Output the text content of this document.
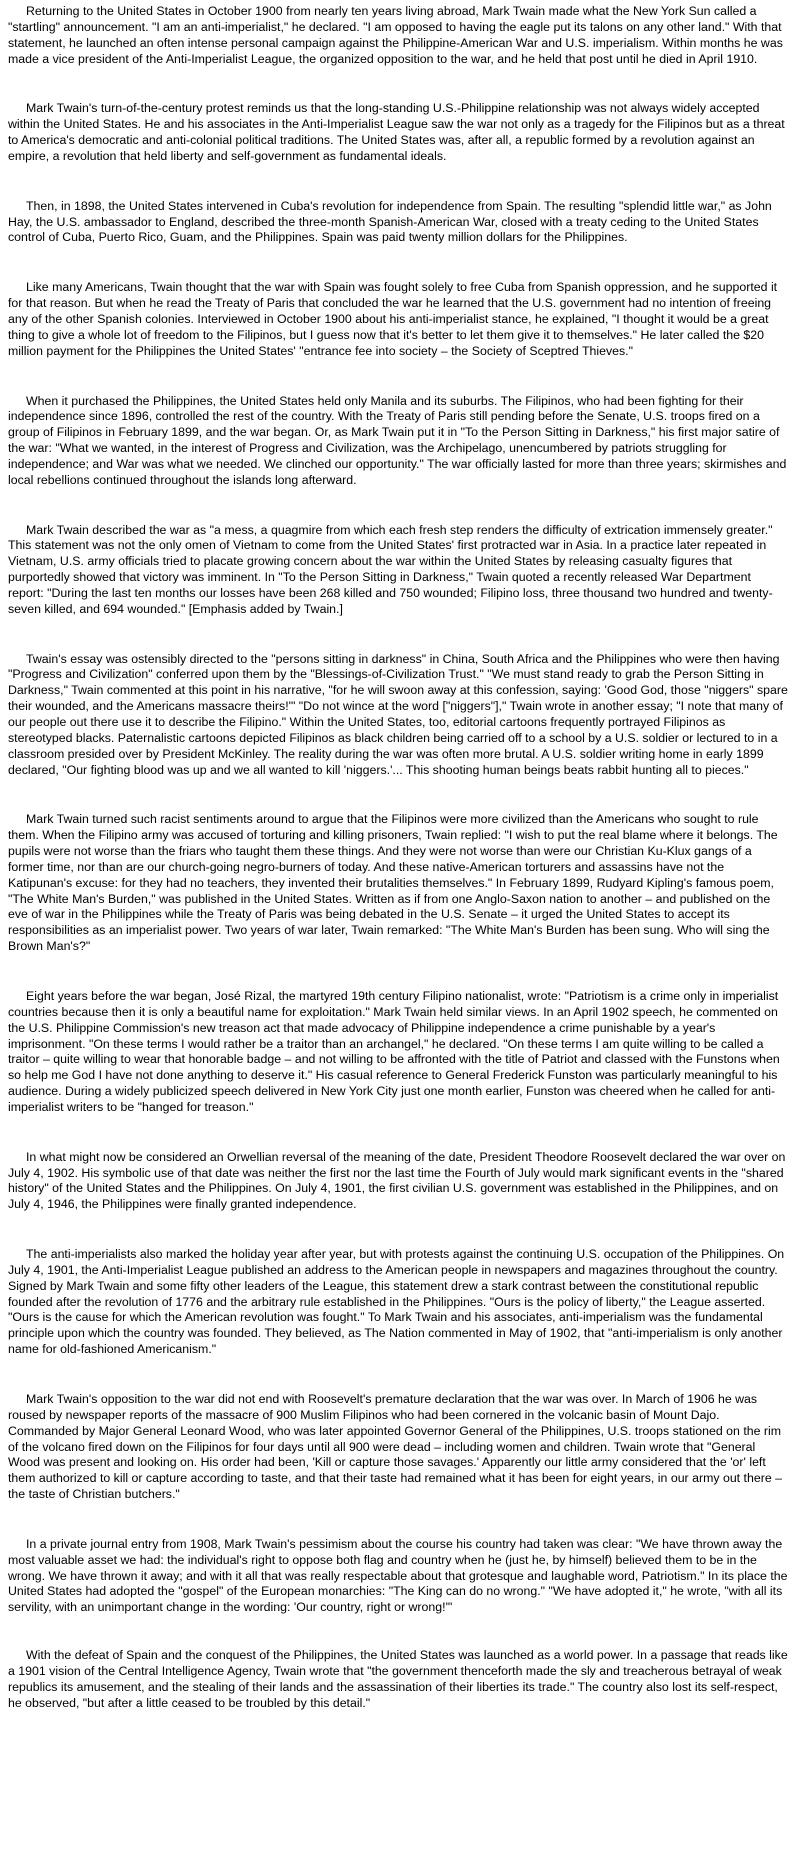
Returning to the United States in October 1900 from nearly ten years living abroad, Mark Twain made what the New York Sun called a "startling" announcement. "I am an anti-imperialist," he declared. "I am opposed to having the eagle put its talons on any other land." With that statement, he launched an often intense personal campaign against the Philippine-American War and U.S. imperialism. Within months he was made a vice president of the Anti-Imperialist League, the organized opposition to the war, and he held that post until he died in April 1910.

Mark Twain's turn-of-the-century protest reminds us that the long-standing U.S.-Philippine relationship was not always widely accepted within the United States. He and his associates in the Anti-Imperialist League saw the war not only as a tragedy for the Filipinos but as a threat to America's democratic and anti-colonial political traditions. The United States was, after all, a republic formed by a revolution against an empire, a revolution that held liberty and self-government as fundamental ideals.

Then, in 1898, the United States intervened in Cuba's revolution for independence from Spain. The resulting "splendid little war," as John Hay, the U.S. ambassador to England, described the three-month Spanish-American War, closed with a treaty ceding to the United States control of Cuba, Puerto Rico, Guam, and the Philippines. Spain was paid twenty million dollars for the Philippines.

Like many Americans, Twain thought that the war with Spain was fought solely to free Cuba from Spanish oppression, and he supported it for that reason. But when he read the Treaty of Paris that concluded the war he learned that the U.S. government had no intention of freeing any of the other Spanish colonies. Interviewed in October 1900 about his anti-imperialist stance, he explained, "I thought it would be a great thing to give a whole lot of freedom to the Filipinos, but I guess now that it's better to let them give it to themselves." He later called the $20 million payment for the Philippines the United States' "entrance fee into society – the Society of Sceptred Thieves."

When it purchased the Philippines, the United States held only Manila and its suburbs. The Filipinos, who had been fighting for their independence since 1896, controlled the rest of the country. With the Treaty of Paris still pending before the Senate, U.S. troops fired on a group of Filipinos in February 1899, and the war began. Or, as Mark Twain put it in "To the Person Sitting in Darkness," his first major satire of the war: "What we wanted, in the interest of Progress and Civilization, was the Archipelago, unencumbered by patriots struggling for independence; and War was what we needed. We clinched our opportunity." The war officially lasted for more than three years; skirmishes and local rebellions continued throughout the islands long afterward.

Mark Twain described the war as "a mess, a quagmire from which each fresh step renders the difficulty of extrication immensely greater." This statement was not the only omen of Vietnam to come from the United States' first protracted war in Asia. In a practice later repeated in Vietnam, U.S. army officials tried to placate growing concern about the war within the United States by releasing casualty figures that purportedly showed that victory was imminent. In "To the Person Sitting in Darkness," Twain quoted a recently released War Department report: "During the last ten months our losses have been 268 killed and 750 wounded; Filipino loss, three thousand two hundred and twenty-seven killed, and 694 wounded." [Emphasis added by Twain.]

Twain's essay was ostensibly directed to the "persons sitting in darkness" in China, South Africa and the Philippines who were then having "Progress and Civilization" conferred upon them by the "Blessings-of-Civilization Trust." "We must stand ready to grab the Person Sitting in Darkness," Twain commented at this point in his narrative, "for he will swoon away at this confession, saying: 'Good God, those "niggers" spare their wounded, and the Americans massacre theirs!'" "Do not wince at the word ["niggers"]," Twain wrote in another essay; "I note that many of our people out there use it to describe the Filipino." Within the United States, too, editorial cartoons frequently portrayed Filipinos as stereotyped blacks. Paternalistic cartoons depicted Filipinos as black children being carried off to a school by a U.S. soldier or lectured to in a classroom presided over by President McKinley. The reality during the war was often more brutal. A U.S. soldier writing home in early 1899 declared, "Our fighting blood was up and we all wanted to kill 'niggers.'... This shooting human beings beats rabbit hunting all to pieces."

Mark Twain turned such racist sentiments around to argue that the Filipinos were more civilized than the Americans who sought to rule them. When the Filipino army was accused of torturing and killing prisoners, Twain replied: "I wish to put the real blame where it belongs. The pupils were not worse than the friars who taught them these things. And they were not worse than were our Christian Ku-Klux gangs of a former time, nor than are our church-going negro-burners of today. And these native-American torturers and assassins have not the Katipunan's excuse: for they had no teachers, they invented their brutalities themselves." In February 1899, Rudyard Kipling's famous poem, "The White Man's Burden," was published in the United States. Written as if from one Anglo-Saxon nation to another – and published on the eve of war in the Philippines while the Treaty of Paris was being debated in the U.S. Senate – it urged the United States to accept its responsibilities as an imperialist power. Two years of war later, Twain remarked: "The White Man's Burden has been sung. Who will sing the Brown Man's?"

Eight years before the war began, José Rizal, the martyred 19th century Filipino nationalist, wrote: "Patriotism is a crime only in imperialist countries because then it is only a beautiful name for exploitation." Mark Twain held similar views. In an April 1902 speech, he commented on the U.S. Philippine Commission's new treason act that made advocacy of Philippine independence a crime punishable by a year's imprisonment. "On these terms I would rather be a traitor than an archangel," he declared. "On these terms I am quite willing to be called a traitor – quite willing to wear that honorable badge – and not willing to be affronted with the title of Patriot and classed with the Funstons when so help me God I have not done anything to deserve it." His casual reference to General Frederick Funston was particularly meaningful to his audience. During a widely publicized speech delivered in New York City just one month earlier, Funston was cheered when he called for anti-imperialist writers to be "hanged for treason."

In what might now be considered an Orwellian reversal of the meaning of the date, President Theodore Roosevelt declared the war over on July 4, 1902. His symbolic use of that date was neither the first nor the last time the Fourth of July would mark significant events in the "shared history" of the United States and the Philippines. On July 4, 1901, the first civilian U.S. government was established in the Philippines, and on July 4, 1946, the Philippines were finally granted independence.

The anti-imperialists also marked the holiday year after year, but with protests against the continuing U.S. occupation of the Philippines. On July 4, 1901, the Anti-Imperialist League published an address to the American people in newspapers and magazines throughout the country. Signed by Mark Twain and some fifty other leaders of the League, this statement drew a stark contrast between the constitutional republic founded after the revolution of 1776 and the arbitrary rule established in the Philippines. "Ours is the policy of liberty," the League asserted. "Ours is the cause for which the American revolution was fought." To Mark Twain and his associates, anti-imperialism was the fundamental principle upon which the country was founded. They believed, as The Nation commented in May of 1902, that "anti-imperialism is only another name for old-fashioned Americanism."

Mark Twain's opposition to the war did not end with Roosevelt's premature declaration that the war was over. In March of 1906 he was roused by newspaper reports of the massacre of 900 Muslim Filipinos who had been cornered in the volcanic basin of Mount Dajo. Commanded by Major General Leonard Wood, who was later appointed Governor General of the Philippines, U.S. troops stationed on the rim of the volcano fired down on the Filipinos for four days until all 900 were dead – including women and children. Twain wrote that "General Wood was present and looking on. His order had been, 'Kill or capture those savages.' Apparently our little army considered that the 'or' left them authorized to kill or capture according to taste, and that their taste had remained what it has been for eight years, in our army out there – the taste of Christian butchers."

In a private journal entry from 1908, Mark Twain's pessimism about the course his country had taken was clear: "We have thrown away the most valuable asset we had: the individual's right to oppose both flag and country when he (just he, by himself) believed them to be in the wrong. We have thrown it away; and with it all that was really respectable about that grotesque and laughable word, Patriotism." In its place the United States had adopted the "gospel" of the European monarchies: "The King can do no wrong." "We have adopted it," he wrote, "with all its servility, with an unimportant change in the wording: 'Our country, right or wrong!'"

With the defeat of Spain and the conquest of the Philippines, the United States was launched as a world power. In a passage that reads like a 1901 vision of the Central Intelligence Agency, Twain wrote that "the government thenceforth made the sly and treacherous betrayal of weak republics its amusement, and the stealing of their lands and the assassination of their liberties its trade." The country also lost its self-respect, he observed, "but after a little ceased to be troubled by this detail."
